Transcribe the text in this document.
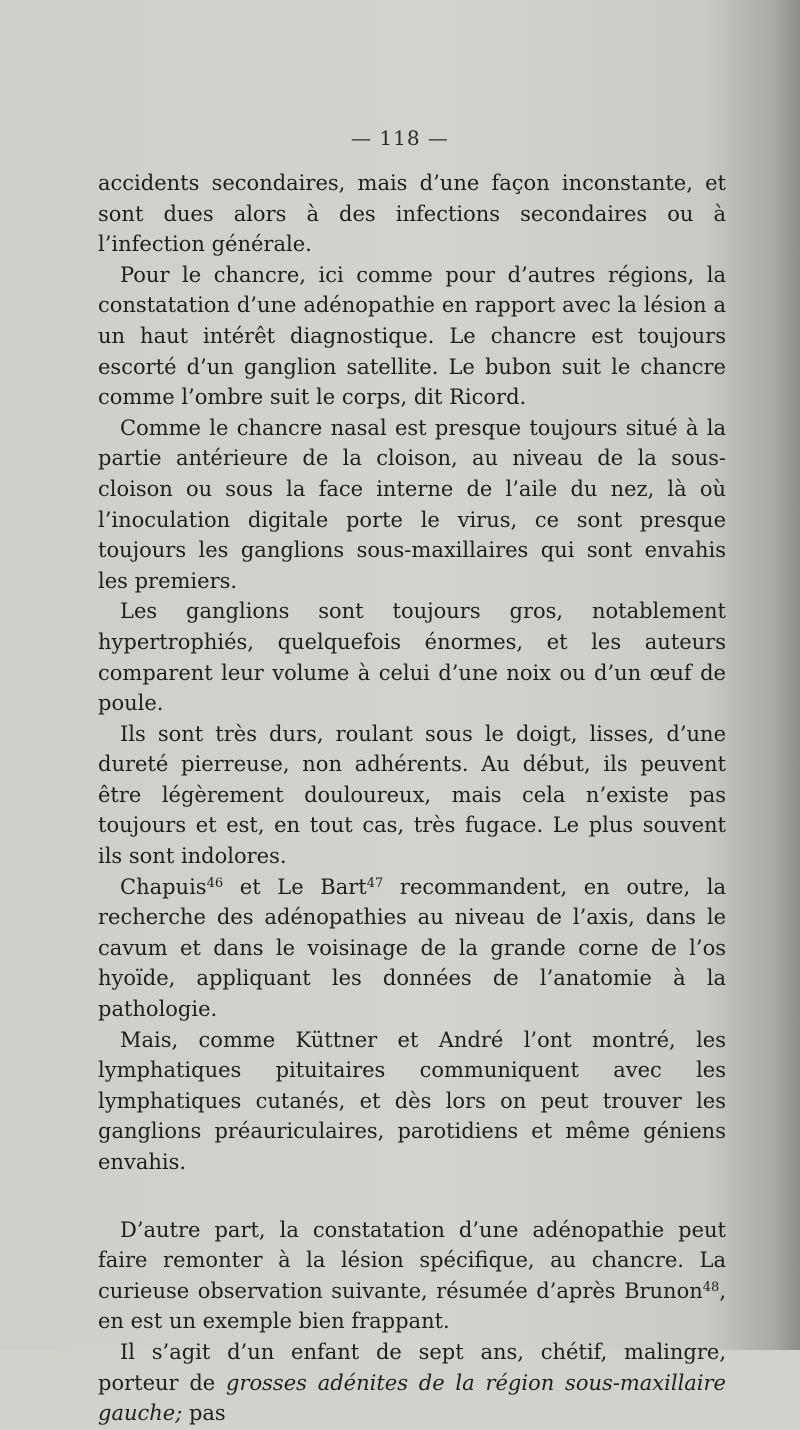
— 118 —

accidents secondaires, mais d’une façon inconstante, et sont dues alors à des infections secondaires ou à l’infection générale.

Pour le chancre, ici comme pour d’autres régions, la constatation d’une adénopathie en rapport avec la lésion a un haut intérêt diagnostique. Le chancre est toujours escorté d’un ganglion satellite. Le bubon suit le chancre comme l’ombre suit le corps, dit Ricord.

Comme le chancre nasal est presque toujours situé à la partie antérieure de la cloison, au niveau de la sous-cloison ou sous la face interne de l’aile du nez, là où l’inoculation digitale porte le virus, ce sont presque toujours les ganglions sous-maxillaires qui sont envahis les premiers.

Les ganglions sont toujours gros, notablement hypertrophiés, quelquefois énormes, et les auteurs comparent leur volume à celui d’une noix ou d’un œuf de poule.

Ils sont très durs, roulant sous le doigt, lisses, d’une dureté pierreuse, non adhérents. Au début, ils peuvent être légèrement douloureux, mais cela n’existe pas toujours et est, en tout cas, très fugace. Le plus souvent ils sont indolores.

Chapuis$^{46}$ et Le Bart$^{47}$ recommandent, en outre, la recherche des adénopathies au niveau de l’axis, dans le cavum et dans le voisinage de la grande corne de l’os hyoïde, appliquant les données de l’anatomie à la pathologie.

Mais, comme Küttner et André l’ont montré, les lymphatiques pituitaires communiquent avec les lymphatiques cutanés, et dès lors on peut trouver les ganglions préauriculaires, parotidiens et même géniens envahis.

D’autre part, la constatation d’une adénopathie peut faire remonter à la lésion spécifique, au chancre. La curieuse observation suivante, résumée d’après Brunon$^{48}$, en est un exemple bien frappant.

Il s’agit d’un enfant de sept ans, chétif, malingre, porteur de grosses adénites de la région sous-maxillaire gauche; pas
